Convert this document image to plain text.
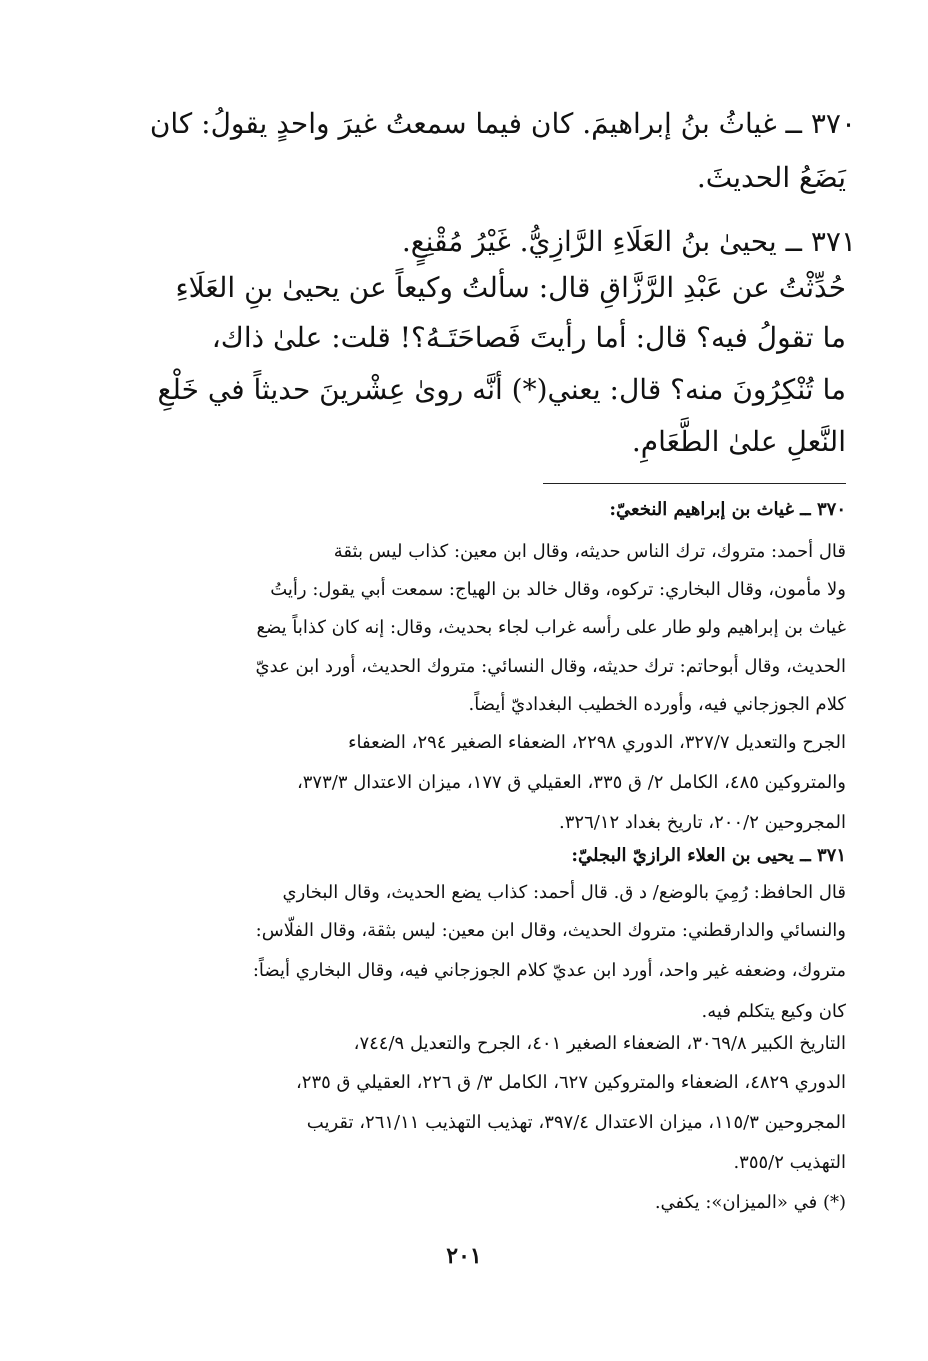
٣٧٠ ــ غياثُ بنُ إبراهيمَ. كان فيما سمعتُ غيرَ واحدٍ يقولُ: كان
يَضَعُ الحديثَ.
٣٧١ ــ يحيىٰ بنُ العَلَاءِ الرَّازِيُّ. غَيْرُ مُقْنِعٍ.
حُدِّثْتُ عن عَبْدِ الرَّزَّاقِ قال: سألتُ وكيعاً عن يحيىٰ بنِ العَلَاءِ
ما تقولُ فيه؟ قال: أما رأيتَ فَصاحَتَـهُ؟! قلت: علىٰ ذاك،
ما تُنْكِرُونَ منه؟ قال: يعني(*) أنَّه روىٰ عِشْرينَ حديثاً في خَلْعِ
النَّعلِ علىٰ الطَّعَامِ.
٣٧٠ ــ غياث بن إبراهيم النخعيّ:
قال أحمد: متروك، ترك الناس حديثه، وقال ابن معين: كذاب ليس بثقة
ولا مأمون، وقال البخاري: تركوه، وقال خالد بن الهياج: سمعت أبي يقول: رأيتُ
غياث بن إبراهيم ولو طار على رأسه غراب لجاء بحديث، وقال: إنه كان كذاباً يضع
الحديث، وقال أبوحاتم: ترك حديثه، وقال النسائي: متروك الحديث، أورد ابن عديّ
كلام الجوزجاني فيه، وأورده الخطيب البغداديّ أيضاً.
الجرح والتعديل ٣٢٧/٧، الدوري ٢٢٩٨، الضعفاء الصغير ٢٩٤، الضعفاء
والمتروكين ٤٨٥، الكامل ٢/ ق ٣٣٥، العقيلي ق ١٧٧، ميزان الاعتدال ٣٧٣/٣،
المجروحين ٢٠٠/٢، تاريخ بغداد ٣٢٦/١٢.
٣٧١ ــ يحيى بن العلاء الرازيّ البجليّ:
قال الحافظ: رُمِيَ بالوضع/ د ق. قال أحمد: كذاب يضع الحديث، وقال البخاري
والنسائي والدارقطني: متروك الحديث، وقال ابن معين: ليس بثقة، وقال الفلّاس:
متروك، وضعفه غير واحد، أورد ابن عديّ كلام الجوزجاني فيه، وقال البخاري أيضاً:
كان وكيع يتكلم فيه.
التاريخ الكبير ٣٠٦٩/٨، الضعفاء الصغير ٤٠١، الجرح والتعديل ٧٤٤/٩،
الدوري ٤٨٢٩، الضعفاء والمتروكين ٦٢٧، الكامل ٣/ ق ٢٢٦، العقيلي ق ٢٣٥،
المجروحين ١١٥/٣، ميزان الاعتدال ٣٩٧/٤، تهذيب التهذيب ٢٦١/١١، تقريب
التهذيب ٣٥٥/٢.
(*) في «الميزان»: يكفي.
٢٠١
